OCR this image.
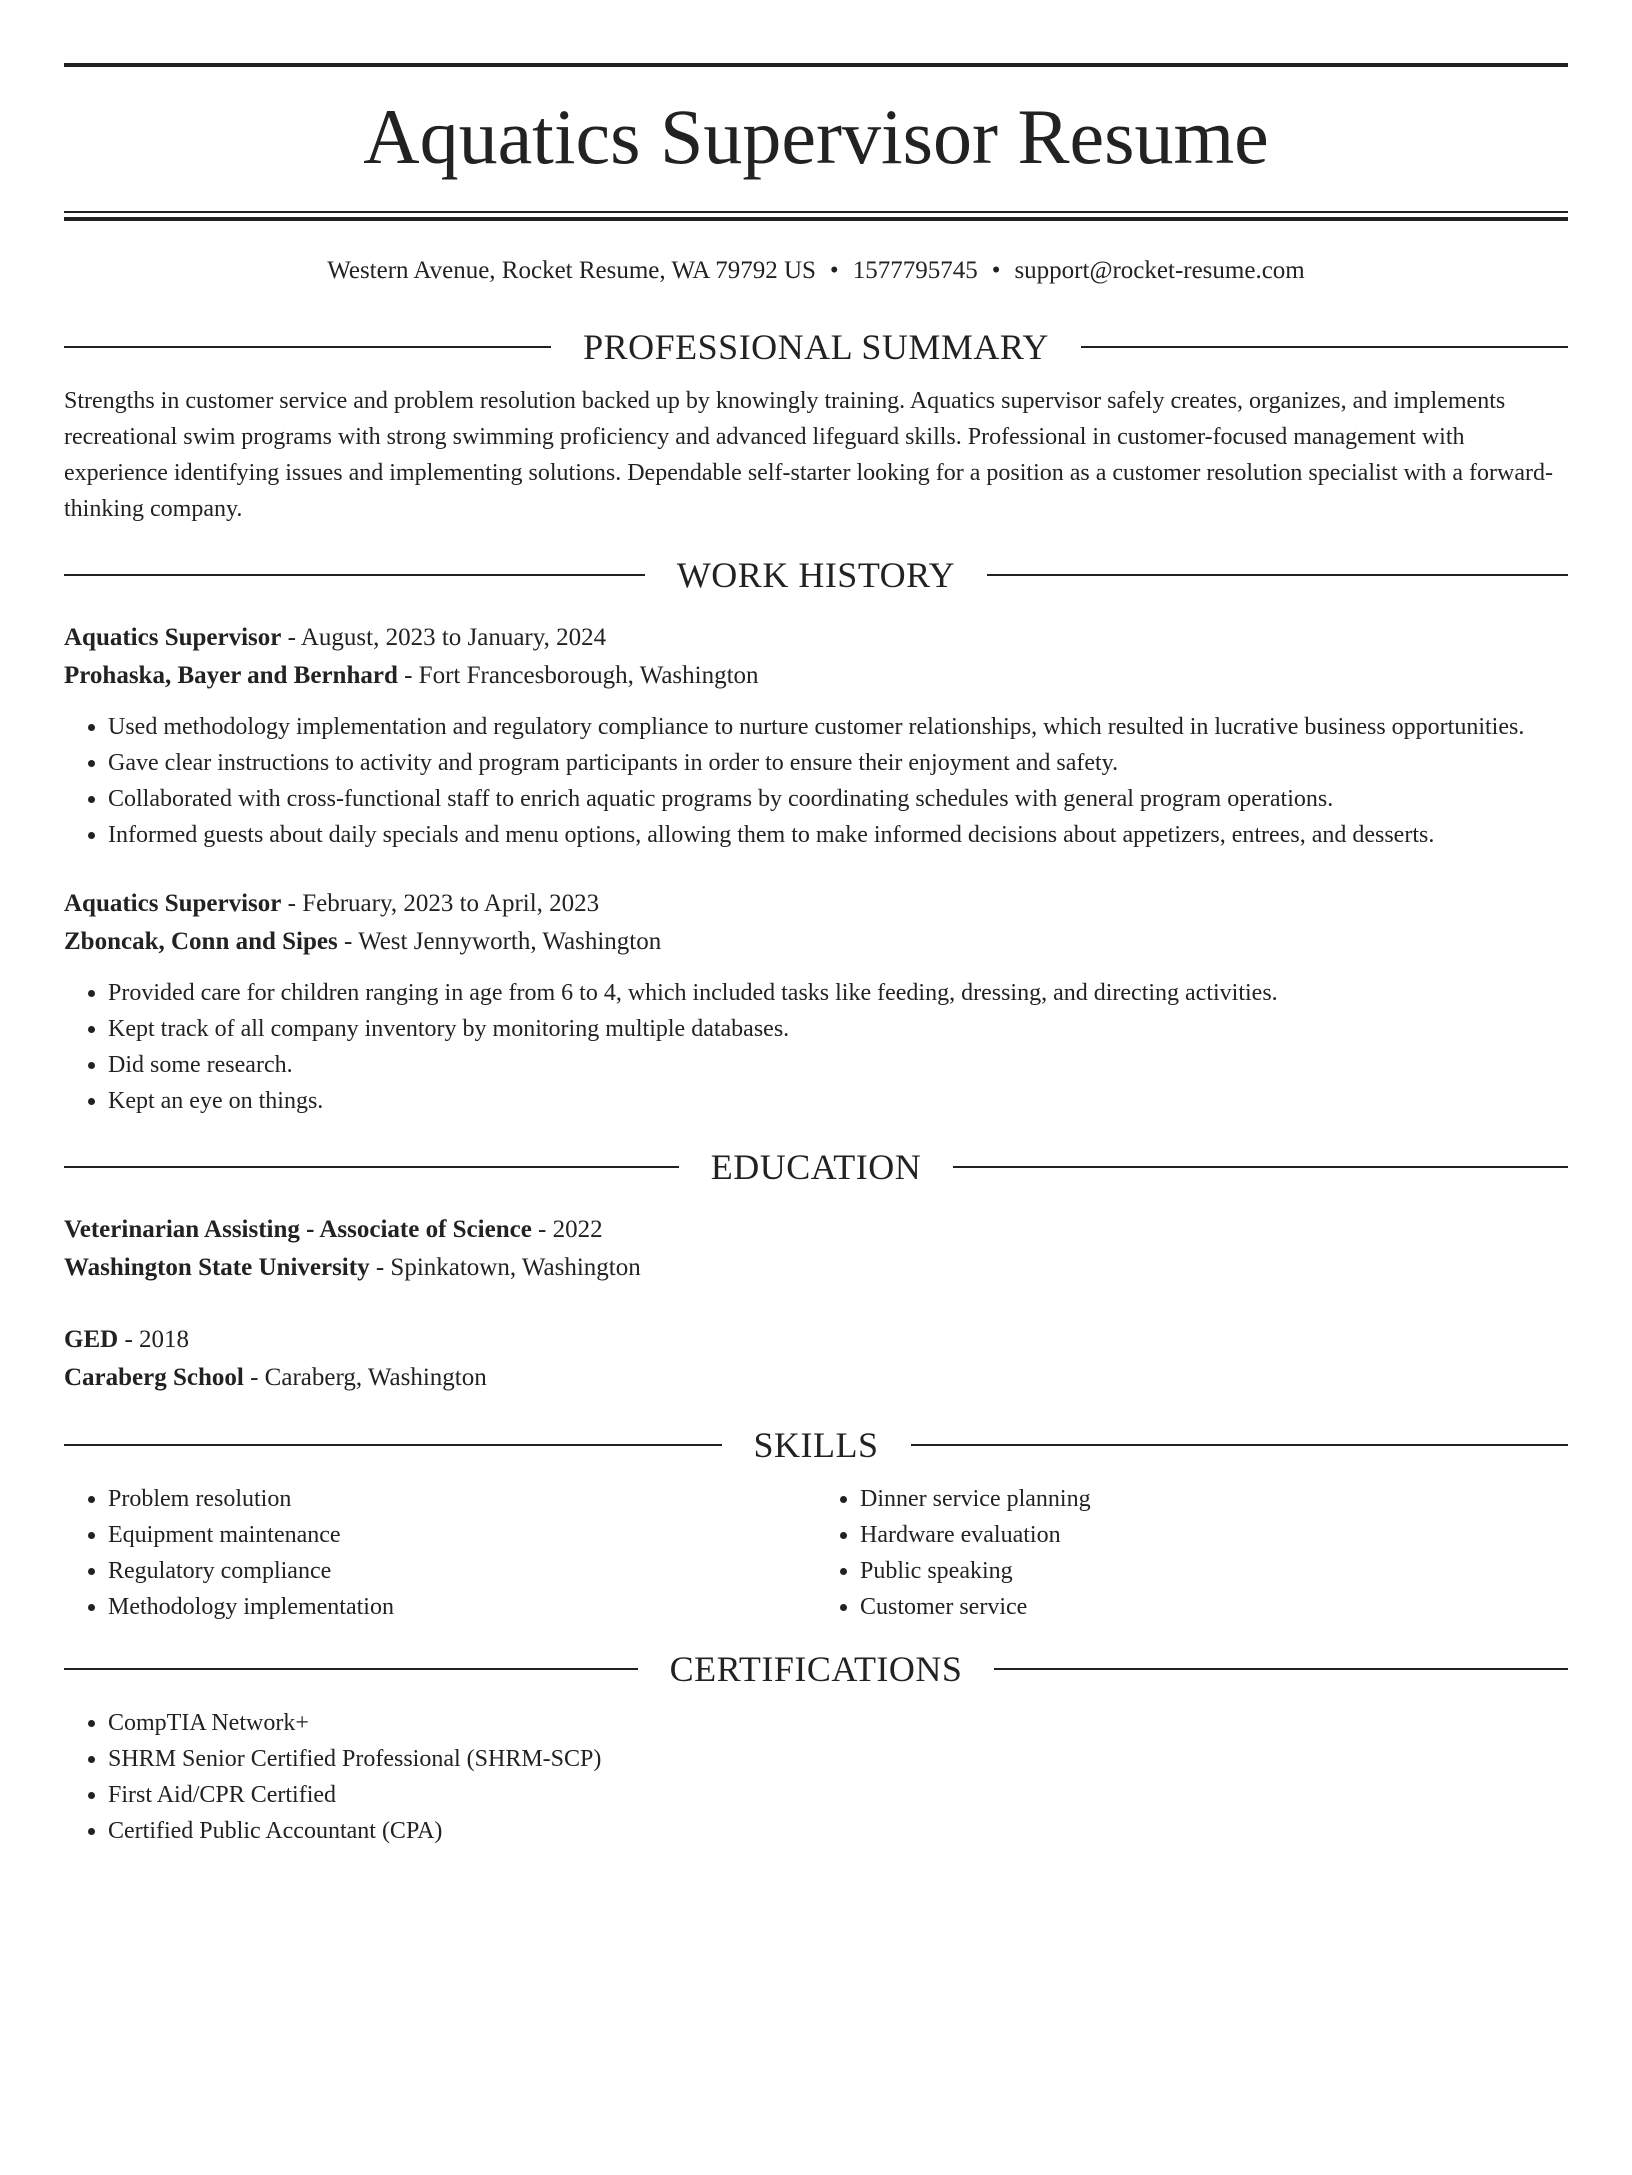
Aquatics Supervisor Resume
Western Avenue, Rocket Resume, WA 79792 US • 1577795745 • support@rocket-resume.com
PROFESSIONAL SUMMARY

Strengths in customer service and problem resolution backed up by knowingly training. Aquatics supervisor safely creates, organizes, and implements recreational swim programs with strong swimming proficiency and advanced lifeguard skills. Professional in customer-focused management with experience identifying issues and implementing solutions. Dependable self-starter looking for a position as a customer resolution specialist with a forward-thinking company.

WORK HISTORY
Aquatics Supervisor - August, 2023 to January, 2024
Prohaska, Bayer and Bernhard - Fort Francesborough, Washington
• Used methodology implementation and regulatory compliance to nurture customer relationships, which resulted in lucrative business opportunities.
• Gave clear instructions to activity and program participants in order to ensure their enjoyment and safety.
• Collaborated with cross-functional staff to enrich aquatic programs by coordinating schedules with general program operations.
• Informed guests about daily specials and menu options, allowing them to make informed decisions about appetizers, entrees, and desserts.
Aquatics Supervisor - February, 2023 to April, 2023
Zboncak, Conn and Sipes - West Jennyworth, Washington
• Provided care for children ranging in age from 6 to 4, which included tasks like feeding, dressing, and directing activities.
• Kept track of all company inventory by monitoring multiple databases.
• Did some research.
• Kept an eye on things.
EDUCATION
Veterinarian Assisting - Associate of Science - 2022
Washington State University - Spinkatown, Washington
GED - 2018
Caraberg School - Caraberg, Washington
SKILLS
• Problem resolution
• Equipment maintenance
• Regulatory compliance
• Methodology implementation
• Dinner service planning
• Hardware evaluation
• Public speaking
• Customer service
CERTIFICATIONS
• CompTIA Network+
• SHRM Senior Certified Professional (SHRM-SCP)
• First Aid/CPR Certified
• Certified Public Accountant (CPA)
